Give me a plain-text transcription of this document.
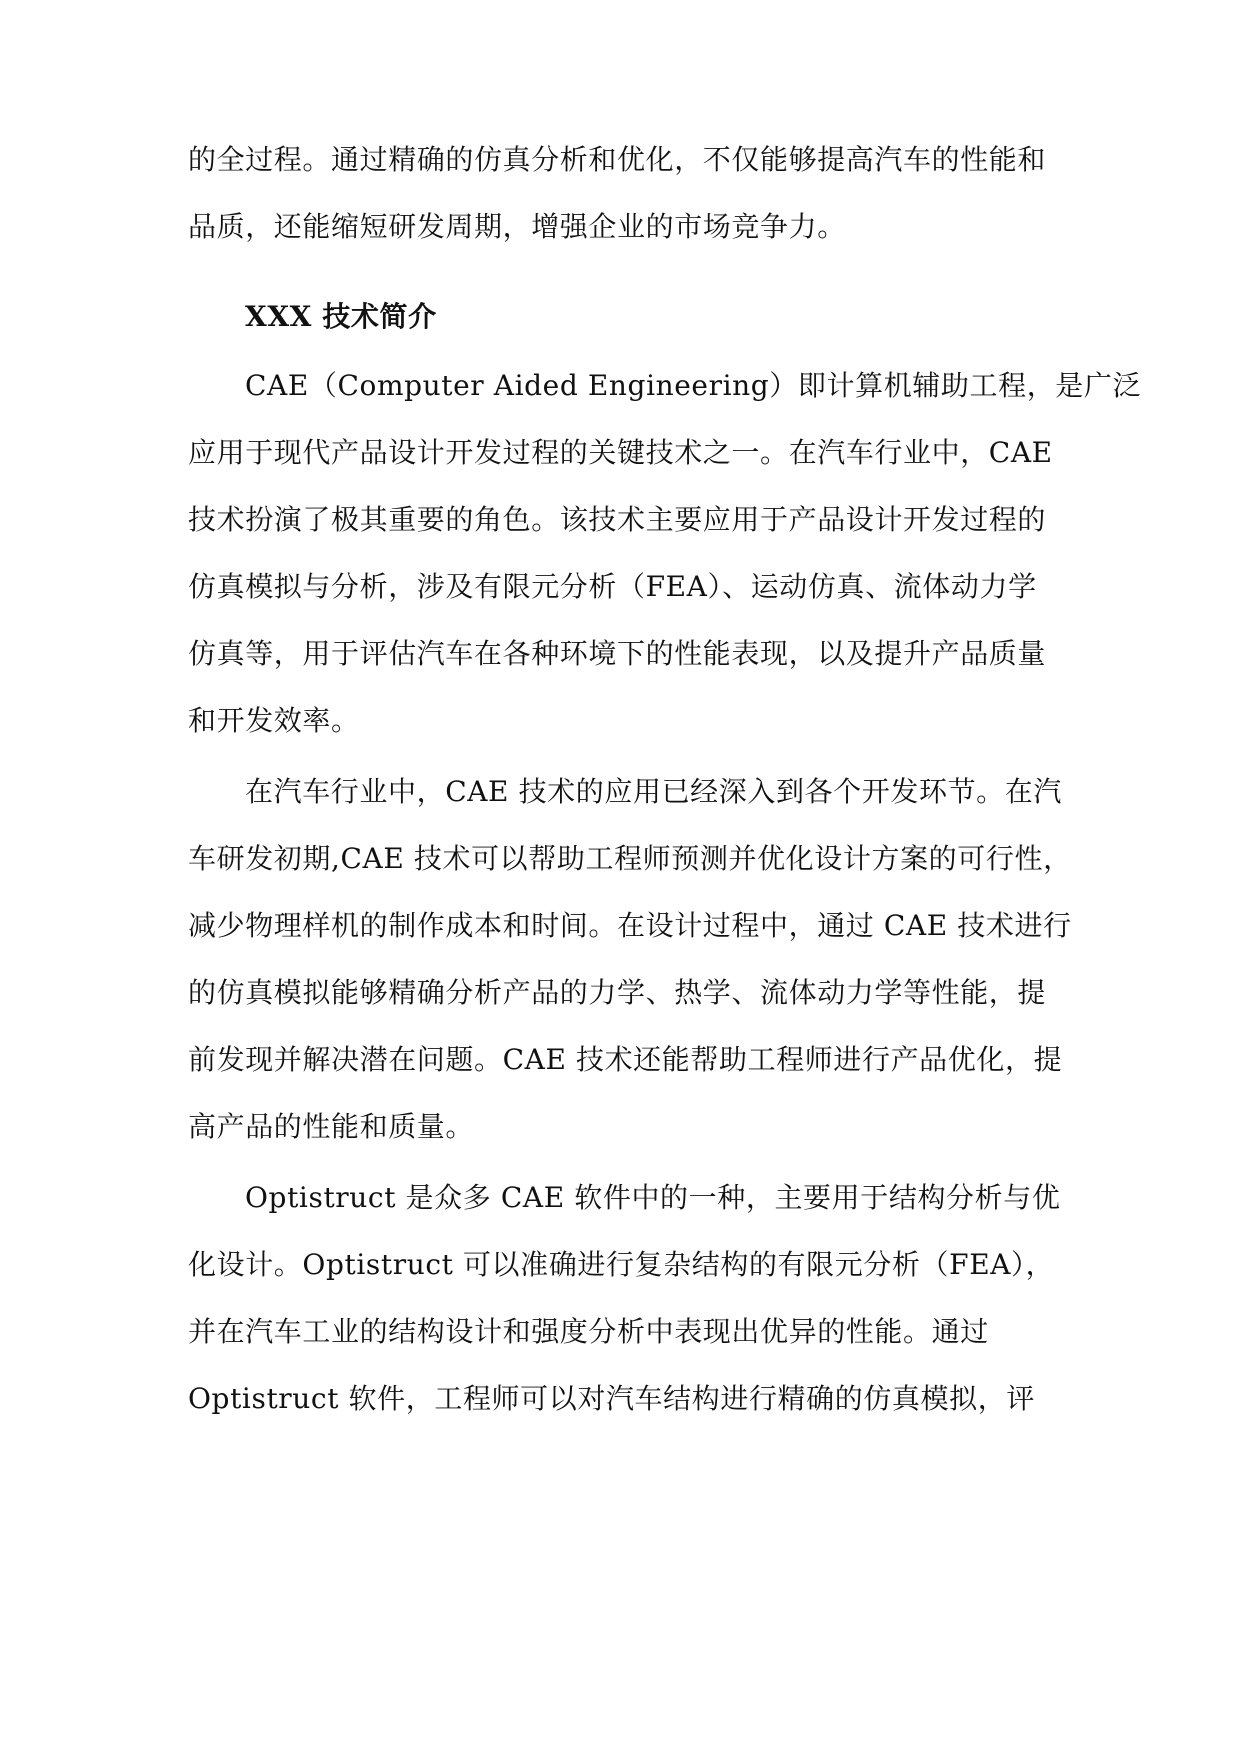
的全过程。通过精确的仿真分析和优化，不仅能够提高汽车的性能和
品质，还能缩短研发周期，增强企业的市场竞争力。
XXX 技术简介
CAE（Computer Aided Engineering）即计算机辅助工程，是广泛
应用于现代产品设计开发过程的关键技术之一。在汽车行业中，CAE
技术扮演了极其重要的角色。该技术主要应用于产品设计开发过程的
仿真模拟与分析，涉及有限元分析（FEA）、运动仿真、流体动力学
仿真等，用于评估汽车在各种环境下的性能表现，以及提升产品质量
和开发效率。
在汽车行业中，CAE 技术的应用已经深入到各个开发环节。在汽
车研发初期,CAE 技术可以帮助工程师预测并优化设计方案的可行性，
减少物理样机的制作成本和时间。在设计过程中，通过 CAE 技术进行
的仿真模拟能够精确分析产品的力学、热学、流体动力学等性能，提
前发现并解决潜在问题。CAE 技术还能帮助工程师进行产品优化，提
高产品的性能和质量。
Optistruct 是众多 CAE 软件中的一种，主要用于结构分析与优
化设计。Optistruct 可以准确进行复杂结构的有限元分析（FEA），
并在汽车工业的结构设计和强度分析中表现出优异的性能。通过
Optistruct 软件，工程师可以对汽车结构进行精确的仿真模拟，评
